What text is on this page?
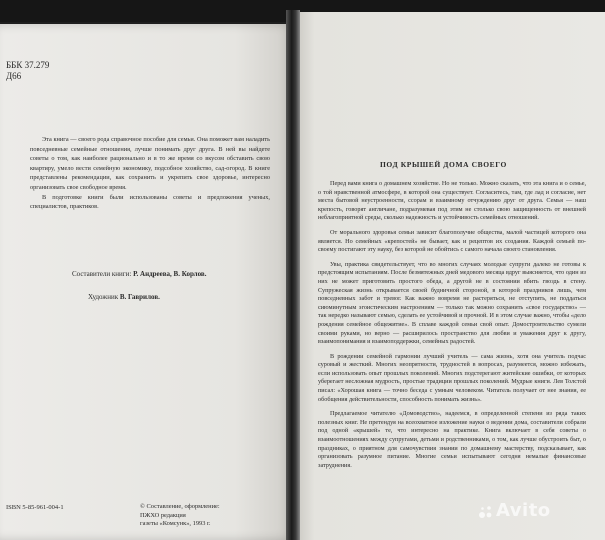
ББК 37.279
Д66

Эта книга — своего рода справочное пособие для семьи. Она поможет вам наладить повседневные семейные отношения, лучше понимать друг друга. В ней вы найдете советы о том, как наиболее рационально и в то же время со вкусом обставить свою квартиру, умело вести семейную экономику, подсобное хозяйство, сад-огород. В книге представлены рекомендации, как сохранить и укрепить свое здоровье, интересно организовать свое свободное время.

В подготовке книги были использованы советы и предложения ученых, специалистов, практиков.

Составители книги: Р. Андреева, В. Корлов.
Художник В. Гаврилов.
ISBN 5-85-961-004-1	© Составление, оформление:
ПЖХО редакция
газеты «Комсунк», 1993 г.
ПОД КРЫШЕЙ ДОМА СВОЕГО

Перед вами книга о домашнем хозяйстве. Но не только. Можно сказать, что эта книга и о семье, о той нравственной атмосфере, в которой она существует. Согласитесь, там, где лад и согласие, нет места бытовой неустроенности, ссорам и взаимному отчуждению друг от друга. Семья — наш крепость, говорят англичане, подразумевая под этим не столько свою защищенность от внешней неблагоприятной среды, сколько надежность и устойчивость семейных отношений.

От морального здоровья семьи зависит благополучие общества, малой частицей которого она является. Но семейных «крепостей» не бывает, как и рецептов их создания. Каждой семьей по-своему постигают эту науку, без которой не обойтись с самого начала своего становления.

Увы, практика свидетельствует, что во многих случаях молодые супруги далеко не готовы к предстоящим испытаниям. После безмятежных дней медового месяца вдруг выясняется, что один из них не может приготовить простого обеда, а другой не в состоянии вбить гвоздь в стену. Супружеская жизнь открывается своей будничной стороной, в которой праздников лишь, чем повседневных забот и тревог. Как важно вовремя не растеряться, не отступить, не поддаться сиюминутным эгоистическим настроениям — только так можно сохранить «свое государство» — так нередко называют семью, сделать ее устойчивой и прочной. И в этом случае важно, чтобы «дело рождения семейное общежитие». В сплаве каждой семьи свой опыт. Домостроительство сумели своими руками, но верно — расширилось пространство для любви и уважения друг к другу, взаимопонимания и взаимоподдержки, семейных радостей.

В рождении семейной гармонии лучший учитель — сама жизнь, хотя она учитель подчас суровый и жесткий. Многих неопрятности, трудностей в вопросах, разумеется, можно избежать, если использовать опыт прошлых поколений. Многих подстерегают житейские ошибки, от которых уберегает несложная мудрость, простые традиции прошлых поколений. Мудрые книги. Лев Толстой писал: «Хорошая книга — точно беседа с умным человеком. Читатель получает от нее знания, ее обобщения действительности, способность понимать жизнь».

Предлагаемое читателю «Домоводство», надеемся, в определенной степени из ряда таких полезных книг. Не претендуя на всеохватное изложение науки о ведении дома, составители собрали под одной «крышей» те, что интересно на практике. Книга включает в себя советы о взаимоотношениях между супругами, детьми и родственниками, о том, как лучше обустроить быт, о праздниках, о приятном для самочувствия знании по домашнему мастерству, подсказывает, как организовать разумное питание. Многие семьи испытывают сегодня немалые финансовые затруднения.

Avito
